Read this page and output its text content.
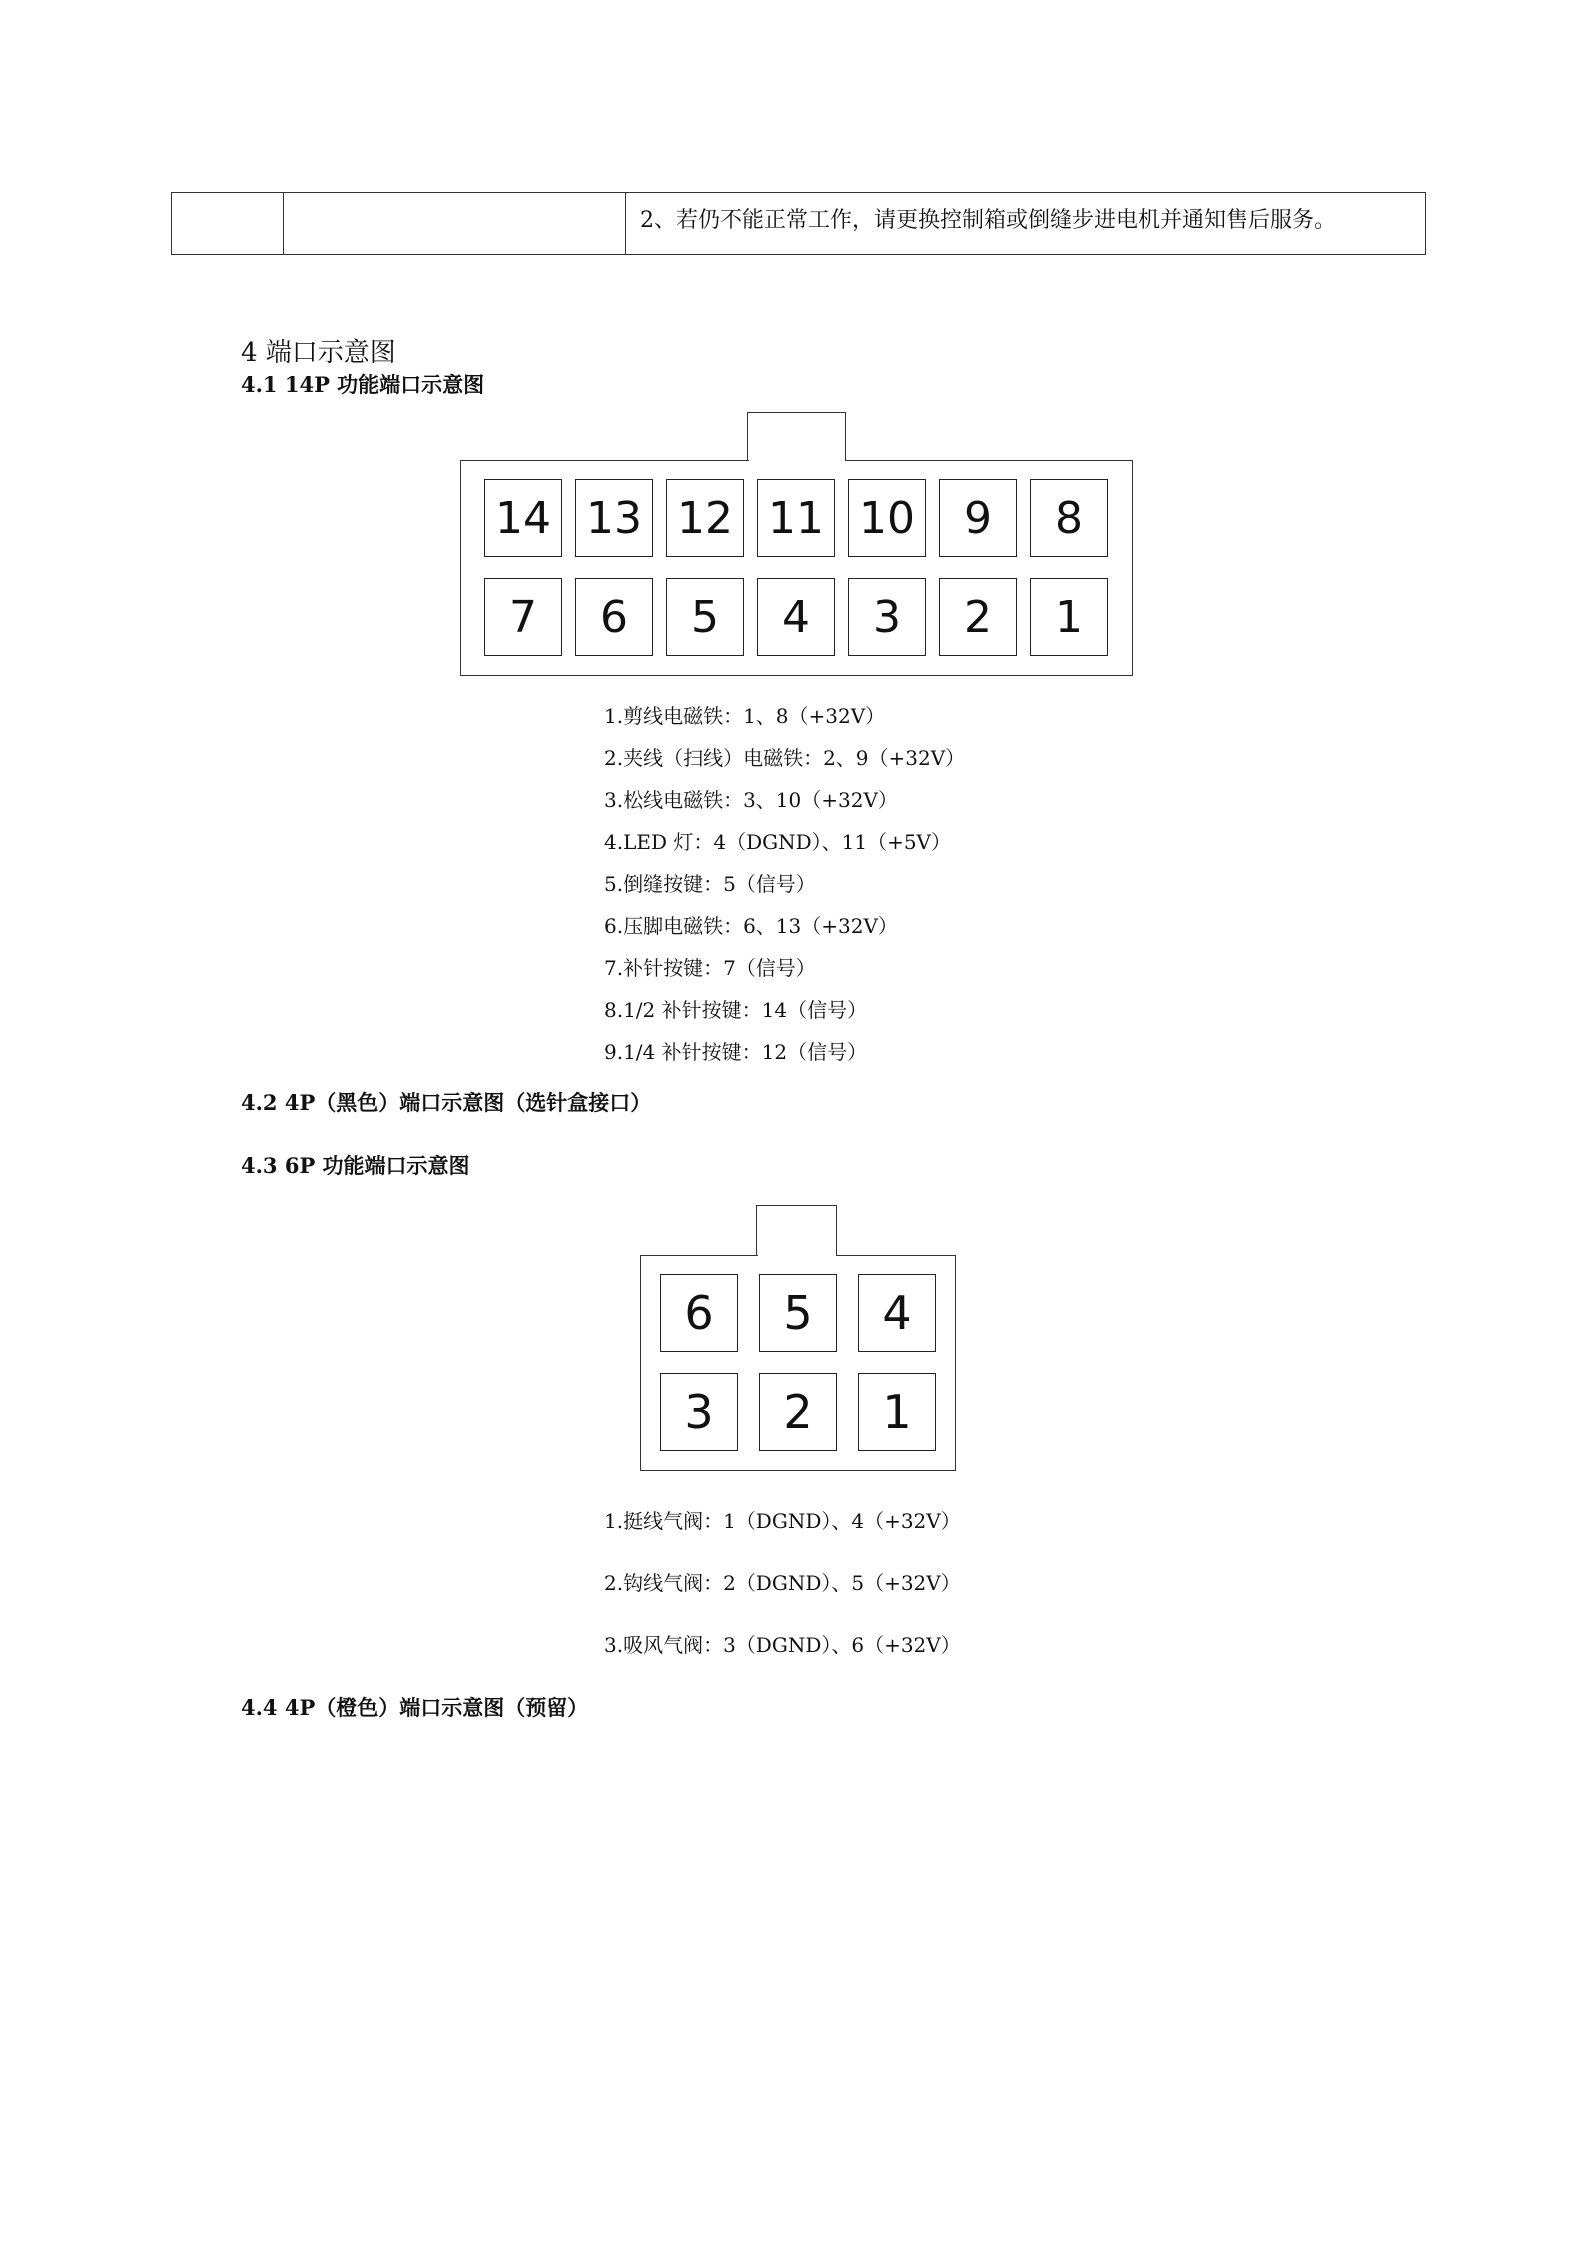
2、若仍不能正常工作，请更换控制箱或倒缝步进电机并通知售后服务。
4 端口示意图
4.1 14P 功能端口示意图
14 13 12 11 10	9	8
7	6	5	4	3	2	1
1.剪线电磁铁：1、8（+32V）
2.夹线（扫线）电磁铁：2、9（+32V）
3.松线电磁铁：3、10（+32V）
4.LED 灯：4（DGND）、11（+5V）
5.倒缝按键：5（信号）
6.压脚电磁铁：6、13（+32V）
7.补针按键：7（信号）
8.1/2 补针按键：14（信号）
9.1/4 补针按键：12（信号）
4.2 4P（黑色）端口示意图（选针盒接口）
4.3 6P 功能端口示意图
6	5	4
3	2	1
1.挺线气阀：1（DGND）、4（+32V）
2.钩线气阀：2（DGND）、5（+32V）
3.吸风气阀：3（DGND）、6（+32V）
4.4 4P（橙色）端口示意图（预留）
